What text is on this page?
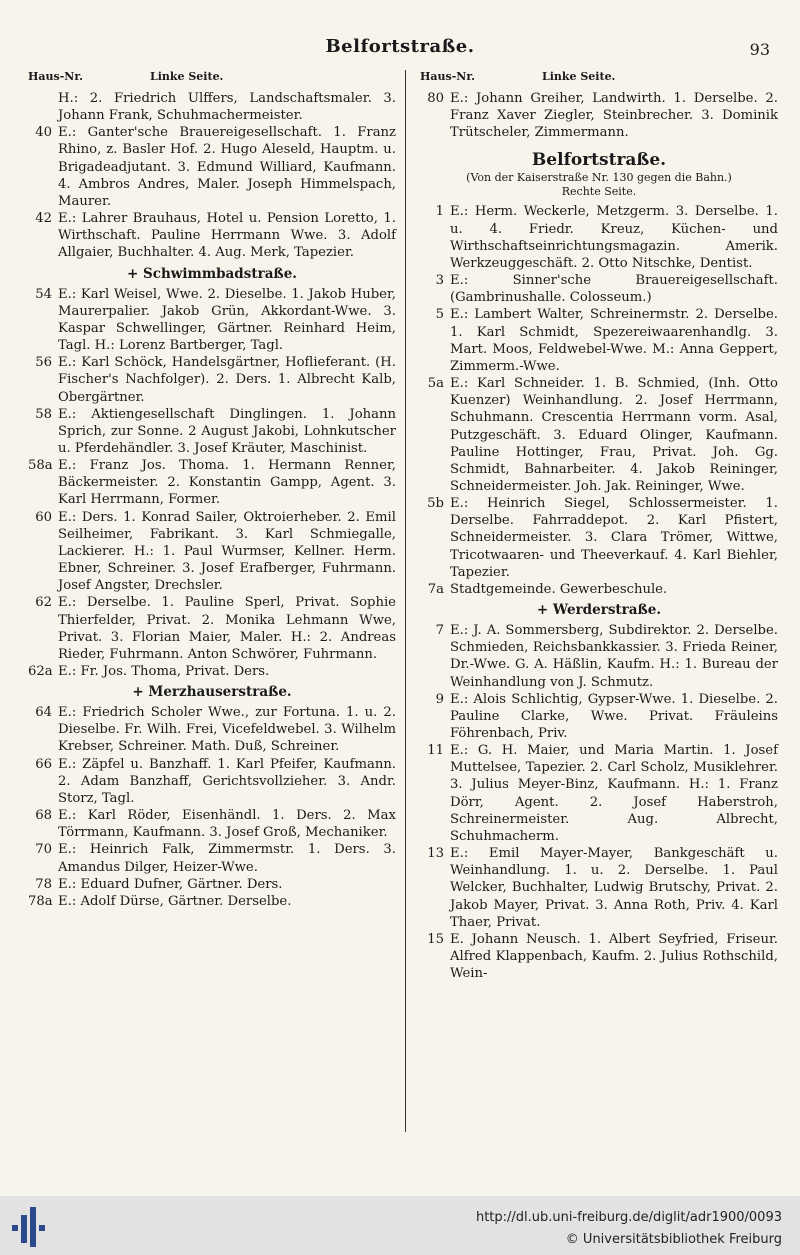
Belfortstraße.	93
Haus-Nr.	Linke Seite.
H.: 2. Friedrich Ulffers, Landschaftsmaler. 3. Johann Frank, Schuhmachermeister.
40 E.: Ganter'sche Brauereigesellschaft. 1. Franz Rhino, z. Basler Hof. 2. Hugo Aleseld, Hauptm. u. Brigadeadjutant. 3. Edmund Williard, Kaufmann. 4. Ambros Andres, Maler. Joseph Himmelspach, Maurer.
42 E.: Lahrer Brauhaus, Hotel u. Pension Loretto, 1. Wirthschaft. Pauline Herrmann Wwe. 3. Adolf Allgaier, Buchhalter. 4. Aug. Merk, Tapezier.
+ Schwimmbadstraße.
54 E.: Karl Weisel, Wwe. 2. Dieselbe. 1. Jakob Huber, Maurerpalier. Jakob Grün, Akkordant-Wwe. 3. Kaspar Schwellinger, Gärtner. Reinhard Heim, Tagl. H.: Lorenz Bartberger, Tagl.
56 E.: Karl Schöck, Handelsgärtner, Hoflieferant. (H. Fischer's Nachfolger). 2. Ders. 1. Albrecht Kalb, Obergärtner.
58 E.: Aktiengesellschaft Dinglingen. 1. Johann Sprich, zur Sonne. 2 August Jakobi, Lohnkutscher u. Pferdehändler. 3. Josef Kräuter, Maschinist.
58a E.: Franz Jos. Thoma. 1. Hermann Renner, Bäckermeister. 2. Konstantin Gampp, Agent. 3. Karl Herrmann, Former.
60 E.: Ders. 1. Konrad Sailer, Oktroierheber. 2. Emil Seilheimer, Fabrikant. 3. Karl Schmiegalle, Lackierer. H.: 1. Paul Wurmser, Kellner. Herm. Ebner, Schreiner. 3. Josef Erafberger, Fuhrmann. Josef Angster, Drechsler.
62 E.: Derselbe. 1. Pauline Sperl, Privat. Sophie Thierfelder, Privat. 2. Monika Lehmann Wwe, Privat. 3. Florian Maier, Maler. H.: 2. Andreas Rieder, Fuhrmann. Anton Schwörer, Fuhrmann.
62a E.: Fr. Jos. Thoma, Privat. Ders.
+ Merzhauserstraße.
64 E.: Friedrich Scholer Wwe., zur Fortuna. 1. u. 2. Dieselbe. Fr. Wilh. Frei, Vicefeldwebel. 3. Wilhelm Krebser, Schreiner. Math. Duß, Schreiner.
66 E.: Zäpfel u. Banzhaff. 1. Karl Pfeifer, Kaufmann. 2. Adam Banzhaff, Gerichtsvollzieher. 3. Andr. Storz, Tagl.
68 E.: Karl Röder, Eisenhändl. 1. Ders. 2. Max Törrmann, Kaufmann. 3. Josef Groß, Mechaniker.
70 E.: Heinrich Falk, Zimmermstr. 1. Ders. 3. Amandus Dilger, Heizer-Wwe.
78 E.: Eduard Dufner, Gärtner. Ders.
78a E.: Adolf Dürse, Gärtner. Derselbe.
Haus-Nr.	Linke Seite.
80 E.: Johann Greiher, Landwirth. 1. Derselbe. 2. Franz Xaver Ziegler, Steinbrecher. 3. Dominik Trütscheler, Zimmermann.
Belfortstraße.
(Von der Kaiserstraße Nr. 130 gegen die Bahn.)
Rechte Seite.
1 E.: Herm. Weckerle, Metzgerm. 3. Derselbe. 1. u. 4. Friedr. Kreuz, Küchen- und Wirthschaftseinrichtungsmagazin. Amerik. Werkzeuggeschäft. 2. Otto Nitschke, Dentist.
3 E.: Sinner'sche Brauereigesellschaft. (Gambrinushalle. Colosseum.)
5 E.: Lambert Walter, Schreinermstr. 2. Derselbe. 1. Karl Schmidt, Spezereiwaarenhandlg. 3. Mart. Moos, Feldwebel-Wwe. M.: Anna Geppert, Zimmerm.-Wwe.
5a E.: Karl Schneider. 1. B. Schmied, (Inh. Otto Kuenzer) Weinhandlung. 2. Josef Herrmann, Schuhmann. Crescentia Herrmann vorm. Asal, Putzgeschäft. 3. Eduard Olinger, Kaufmann. Pauline Hottinger, Frau, Privat. Joh. Gg. Schmidt, Bahnarbeiter. 4. Jakob Reininger, Schneidermeister. Joh. Jak. Reininger, Wwe.
5b E.: Heinrich Siegel, Schlossermeister. 1. Derselbe. Fahrraddepot. 2. Karl Pfistert, Schneidermeister. 3. Clara Trömer, Wittwe, Tricotwaaren- und Theeverkauf. 4. Karl Biehler, Tapezier.
7a Stadtgemeinde. Gewerbeschule.
+ Werderstraße.
7 E.: J. A. Sommersberg, Subdirektor. 2. Derselbe. Schmieden, Reichsbankkassier. 3. Frieda Reiner, Dr.-Wwe. G. A. Häßlin, Kaufm. H.: 1. Bureau der Weinhandlung von J. Schmutz.
9 E.: Alois Schlichtig, Gypser-Wwe. 1. Dieselbe. 2. Pauline Clarke, Wwe. Privat. Fräuleins Föhrenbach, Priv.
11 E.: G. H. Maier, und Maria Martin. 1. Josef Muttelsee, Tapezier. 2. Carl Scholz, Musiklehrer. 3. Julius Meyer-Binz, Kaufmann. H.: 1. Franz Dörr, Agent. 2. Josef Haberstroh, Schreinermeister. Aug. Albrecht, Schuhmacherm.
13 E.: Emil Mayer-Mayer, Bankgeschäft u. Weinhandlung. 1. u. 2. Derselbe. 1. Paul Welcker, Buchhalter, Ludwig Brutschy, Privat. 2. Jakob Mayer, Privat. 3. Anna Roth, Priv. 4. Karl Thaer, Privat.
15 E. Johann Neusch. 1. Albert Seyfried, Friseur. Alfred Klappenbach, Kaufm. 2. Julius Rothschild, Wein-
http://dl.ub.uni-freiburg.de/diglit/adr1900/0093
© Universitätsbibliothek Freiburg
